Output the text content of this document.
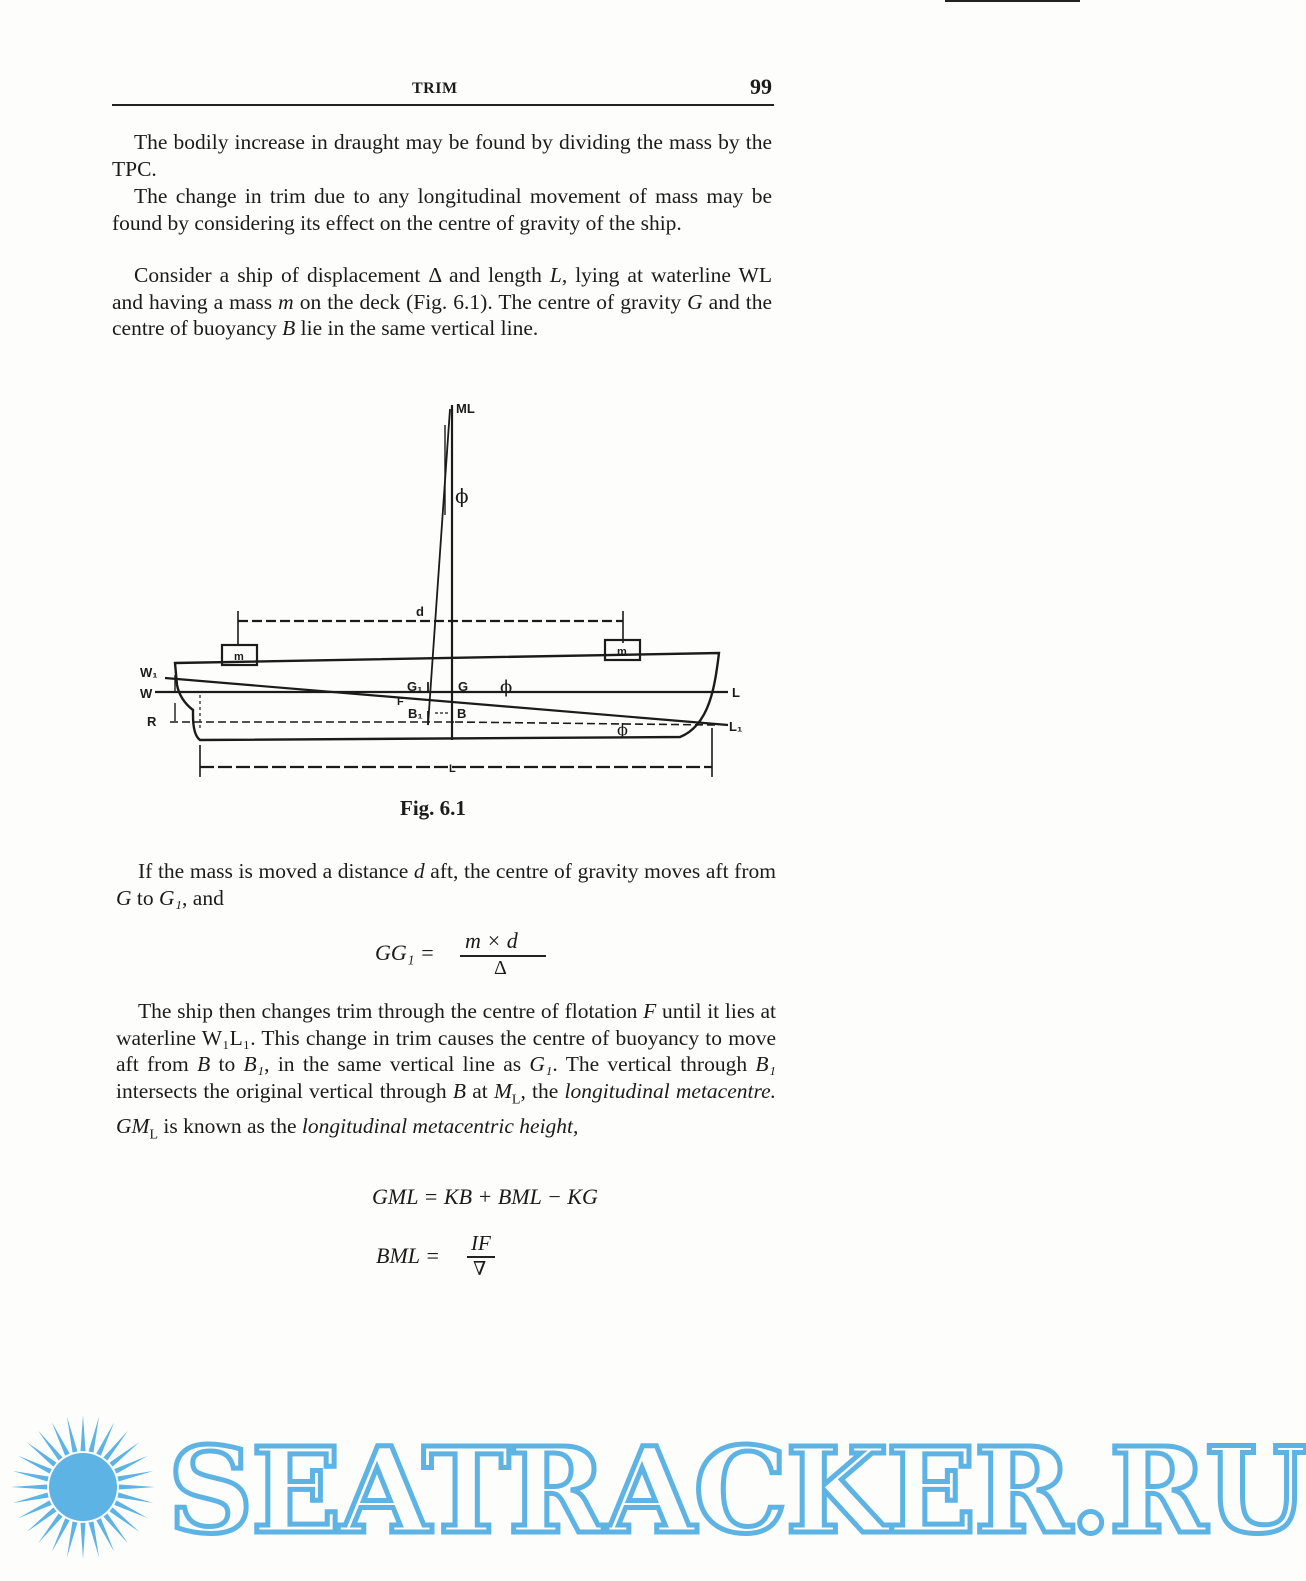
TRIM	99

The bodily increase in draught may be found by dividing the mass by the TPC.

The change in trim due to any longitudinal movement of mass may be found by considering its effect on the centre of gravity of the ship.

Consider a ship of displacement Δ and length L, lying at waterline WL and having a mass m on the deck (Fig. 6.1). The centre of gravity G and the centre of buoyancy B lie in the same vertical line.

ML
ϕ
d
m	m
W₁
W
R
G₁	G ϕ
F
B₁	B
ϕ
L
L₁
L
Fig. 6.1

If the mass is moved a distance d aft, the centre of gravity moves aft from G to G₁, and

GG₁ = m × d
Δ

The ship then changes trim through the centre of flotation F until it lies at waterline W₁L₁. This change in trim causes the centre of buoyancy to move aft from B to B₁, in the same vertical line as G₁. The vertical through B₁ intersects the original vertical through B at $M_L$, the longitudinal metacentre. $GM_L$ is known as the longitudinal metacentric height,

GML = KB + BML − KG
BML = IF
∇
SEATRACKER.RU
